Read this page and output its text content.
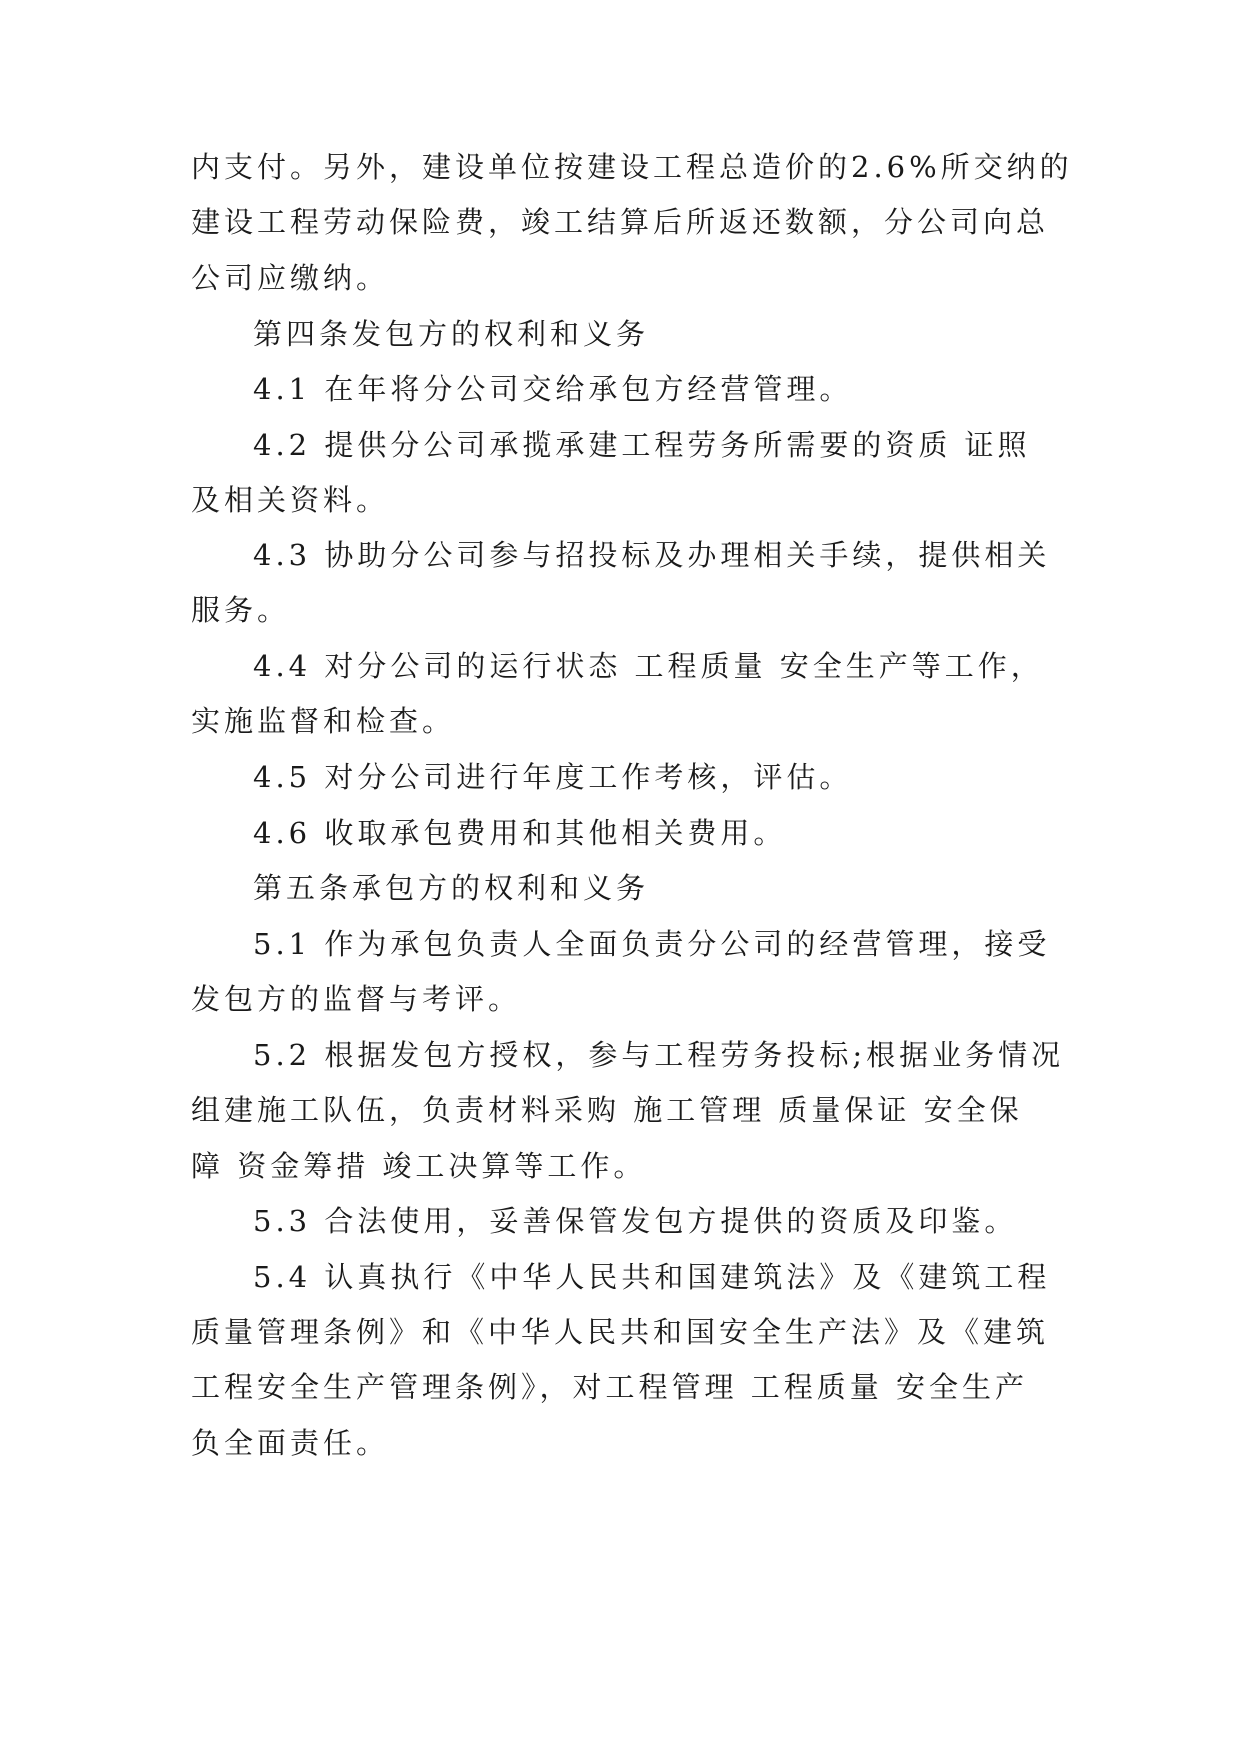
内支付。另外，建设单位按建设工程总造价的2.6%所交纳的
建设工程劳动保险费，竣工结算后所返还数额，分公司向总
公司应缴纳。
第四条发包方的权利和义务
4.1 在年将分公司交给承包方经营管理。
4.2 提供分公司承揽承建工程劳务所需要的资质 证照
及相关资料。
4.3 协助分公司参与招投标及办理相关手续，提供相关
服务。
4.4 对分公司的运行状态 工程质量 安全生产等工作，
实施监督和检查。
4.5 对分公司进行年度工作考核，评估。
4.6 收取承包费用和其他相关费用。
第五条承包方的权利和义务
5.1 作为承包负责人全面负责分公司的经营管理，接受
发包方的监督与考评。
5.2 根据发包方授权，参与工程劳务投标;根据业务情况
组建施工队伍，负责材料采购 施工管理 质量保证 安全保
障 资金筹措 竣工决算等工作。
5.3 合法使用，妥善保管发包方提供的资质及印鉴。
5.4 认真执行《中华人民共和国建筑法》及《建筑工程
质量管理条例》和《中华人民共和国安全生产法》及《建筑
工程安全生产管理条例》，对工程管理 工程质量 安全生产
负全面责任。
